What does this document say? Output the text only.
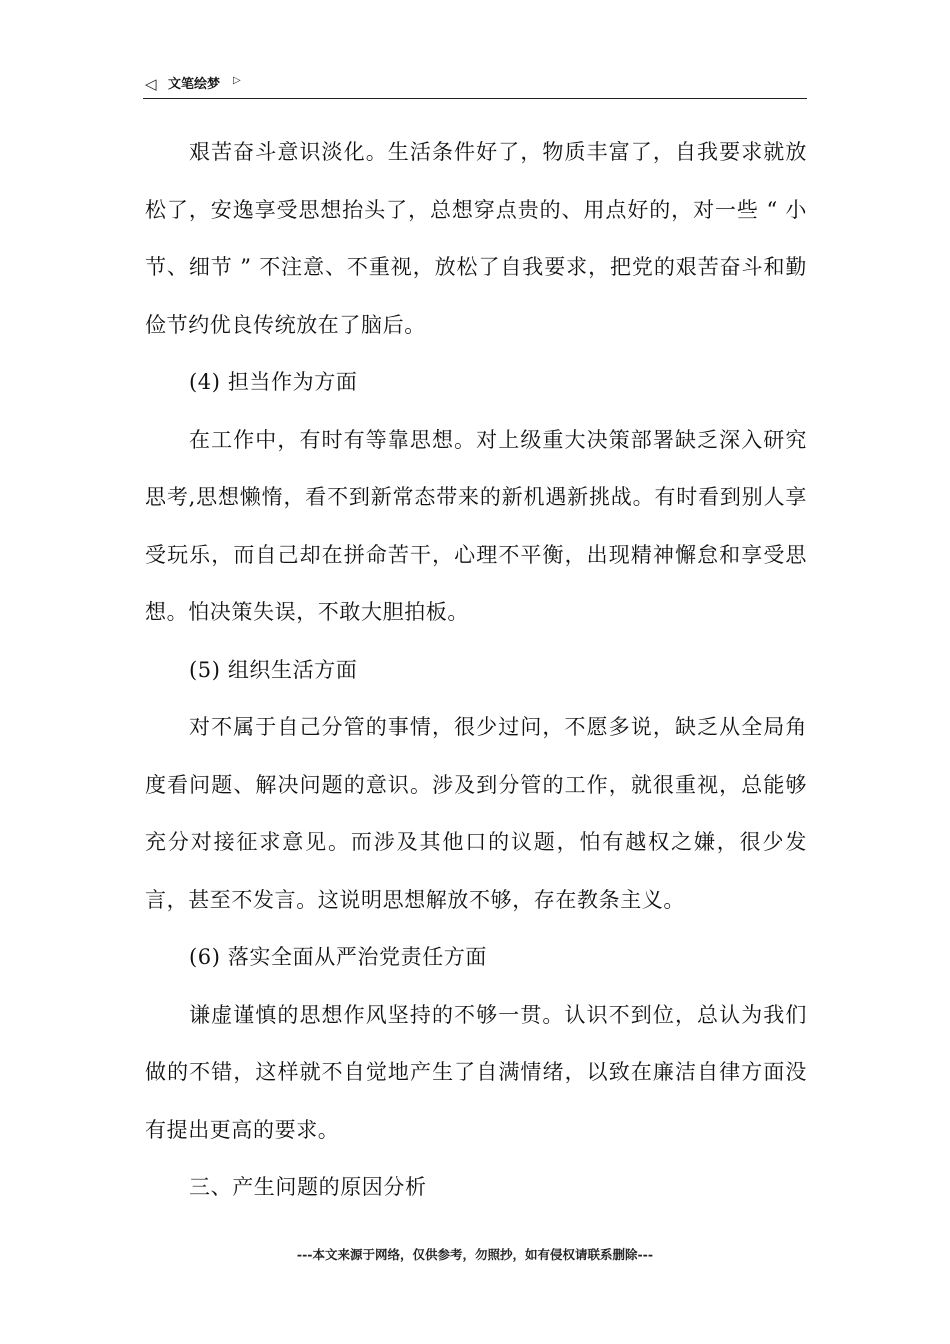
◁ 文笔绘梦 ▷

艰苦奋斗意识淡化。生活条件好了，物质丰富了，自我要求就放松了，安逸享受思想抬头了，总想穿点贵的、用点好的，对一些 “ 小节、细节 ” 不注意、不重视，放松了自我要求，把党的艰苦奋斗和勤俭节约优良传统放在了脑后。

(4) 担当作为方面

在工作中，有时有等靠思想。对上级重大决策部署缺乏深入研究思考,思想懒惰，看不到新常态带来的新机遇新挑战。有时看到别人享受玩乐，而自己却在拼命苦干，心理不平衡，出现精神懈怠和享受思想。怕决策失误，不敢大胆拍板。

(5) 组织生活方面

对不属于自己分管的事情，很少过问，不愿多说，缺乏从全局角度看问题、解决问题的意识。涉及到分管的工作，就很重视，总能够充分对接征求意见。而涉及其他口的议题，怕有越权之嫌，很少发言，甚至不发言。这说明思想解放不够，存在教条主义。

(6) 落实全面从严治党责任方面

谦虚谨慎的思想作风坚持的不够一贯。认识不到位，总认为我们做的不错，这样就不自觉地产生了自满情绪，以致在廉洁自律方面没有提出更高的要求。

三、产生问题的原因分析

---本文来源于网络，仅供参考，勿照抄，如有侵权请联系删除---
